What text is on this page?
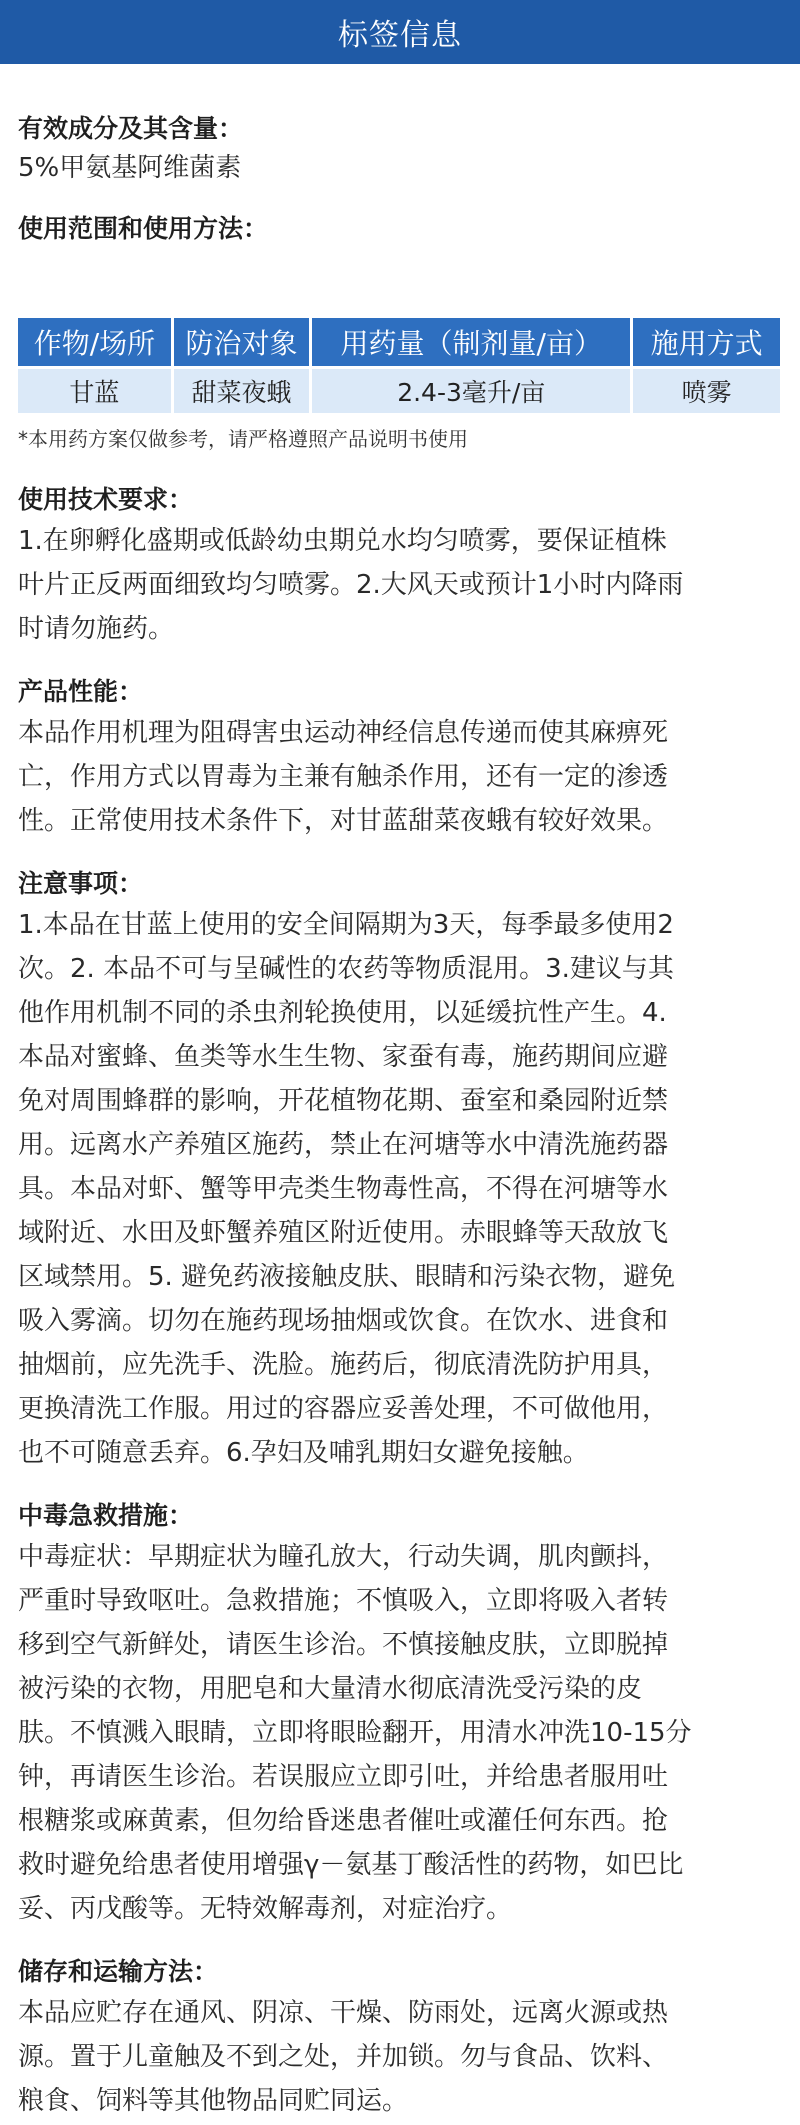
标签信息
有效成分及其含量：
5%甲氨基阿维菌素
使用范围和使用方法：
作物/场所	防治对象	用药量（制剂量/亩）	施用方式
甘蓝	甜菜夜蛾	2.4-3毫升/亩	喷雾
*本用药方案仅做参考，请严格遵照产品说明书使用
使用技术要求：
1.在卵孵化盛期或低龄幼虫期兑水均匀喷雾，要保证植株
叶片正反两面细致均匀喷雾。2.大风天或预计1小时内降雨
时请勿施药。
产品性能：
本品作用机理为阻碍害虫运动神经信息传递而使其麻痹死
亡，作用方式以胃毒为主兼有触杀作用，还有一定的渗透
性。正常使用技术条件下，对甘蓝甜菜夜蛾有较好效果。
注意事项：
1.本品在甘蓝上使用的安全间隔期为3天，每季最多使用2
次。2. 本品不可与呈碱性的农药等物质混用。3.建议与其
他作用机制不同的杀虫剂轮换使用，以延缓抗性产生。4.
本品对蜜蜂、鱼类等水生生物、家蚕有毒，施药期间应避
免对周围蜂群的影响，开花植物花期、蚕室和桑园附近禁
用。远离水产养殖区施药，禁止在河塘等水中清洗施药器
具。本品对虾、蟹等甲壳类生物毒性高，不得在河塘等水
域附近、水田及虾蟹养殖区附近使用。赤眼蜂等天敌放飞
区域禁用。5. 避免药液接触皮肤、眼睛和污染衣物，避免
吸入雾滴。切勿在施药现场抽烟或饮食。在饮水、进食和
抽烟前，应先洗手、洗脸。施药后，彻底清洗防护用具，
更换清洗工作服。用过的容器应妥善处理，不可做他用，
也不可随意丢弃。6.孕妇及哺乳期妇女避免接触。
中毒急救措施：
中毒症状：早期症状为瞳孔放大，行动失调，肌肉颤抖，
严重时导致呕吐。急救措施；不慎吸入，立即将吸入者转
移到空气新鲜处，请医生诊治。不慎接触皮肤，立即脱掉
被污染的衣物，用肥皂和大量清水彻底清洗受污染的皮
肤。不慎溅入眼睛，立即将眼睑翻开，用清水冲洗10-15分
钟，再请医生诊治。若误服应立即引吐，并给患者服用吐
根糖浆或麻黄素，但勿给昏迷患者催吐或灌任何东西。抢
救时避免给患者使用增强γ－氨基丁酸活性的药物，如巴比
妥、丙戊酸等。无特效解毒剂，对症治疗。
储存和运输方法：
本品应贮存在通风、阴凉、干燥、防雨处，远离火源或热
源。置于儿童触及不到之处，并加锁。勿与食品、饮料、
粮食、饲料等其他物品同贮同运。
